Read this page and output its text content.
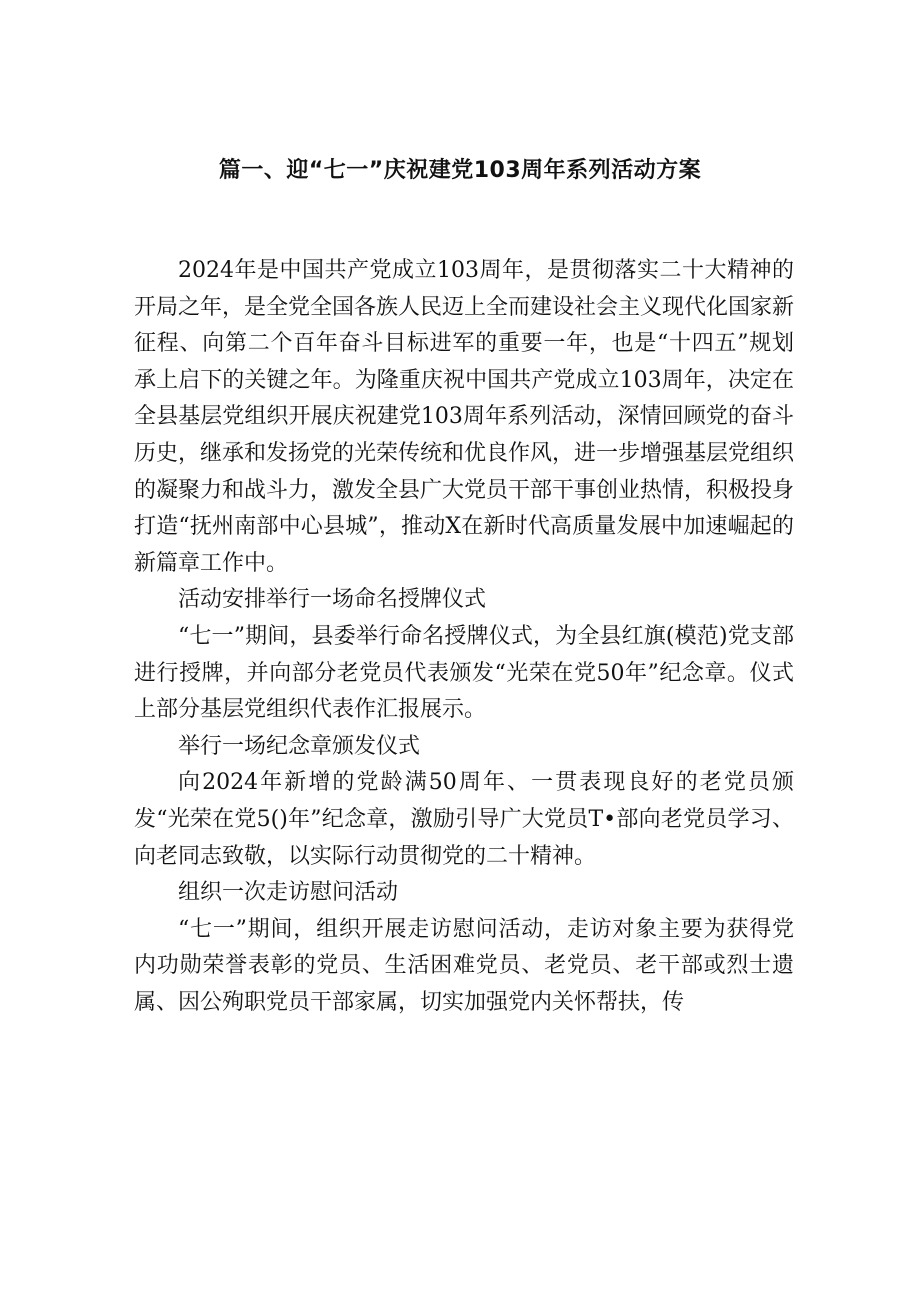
篇一、迎“七一”庆祝建党103周年系列活动方案

2024年是中国共产党成立103周年，是贯彻落实二十大精神的开局之年，是全党全国各族人民迈上全而建设社会主义现代化国家新征程、向第二个百年奋斗目标进军的重要一年，也是“十四五”规划承上启下的关键之年。为隆重庆祝中国共产党成立103周年，决定在全县基层党组织开展庆祝建党103周年系列活动，深情回顾党的奋斗历史，继承和发扬党的光荣传统和优良作风，进一步增强基层党组织的凝聚力和战斗力，激发全县广大党员干部干事创业热情，积极投身打造“抚州南部中心县城”，推动X在新时代高质量发展中加速崛起的新篇章工作中。

活动安排举行一场命名授牌仪式

“七一”期间，县委举行命名授牌仪式，为全县红旗(模范)党支部进行授牌，并向部分老党员代表颁发“光荣在党50年”纪念章。仪式上部分基层党组织代表作汇报展示。

举行一场纪念章颁发仪式

向2024年新增的党龄满50周年、一贯表现良好的老党员颁发“光荣在党5()年”纪念章，激励引导广大党员T•部向老党员学习、向老同志致敬，以实际行动贯彻党的二十精神。

组织一次走访慰问活动

“七一”期间，组织开展走访慰问活动，走访对象主要为获得党内功勋荣誉表彰的党员、生活困难党员、老党员、老干部或烈士遗属、因公殉职党员干部家属，切实加强党内关怀帮扶，传
